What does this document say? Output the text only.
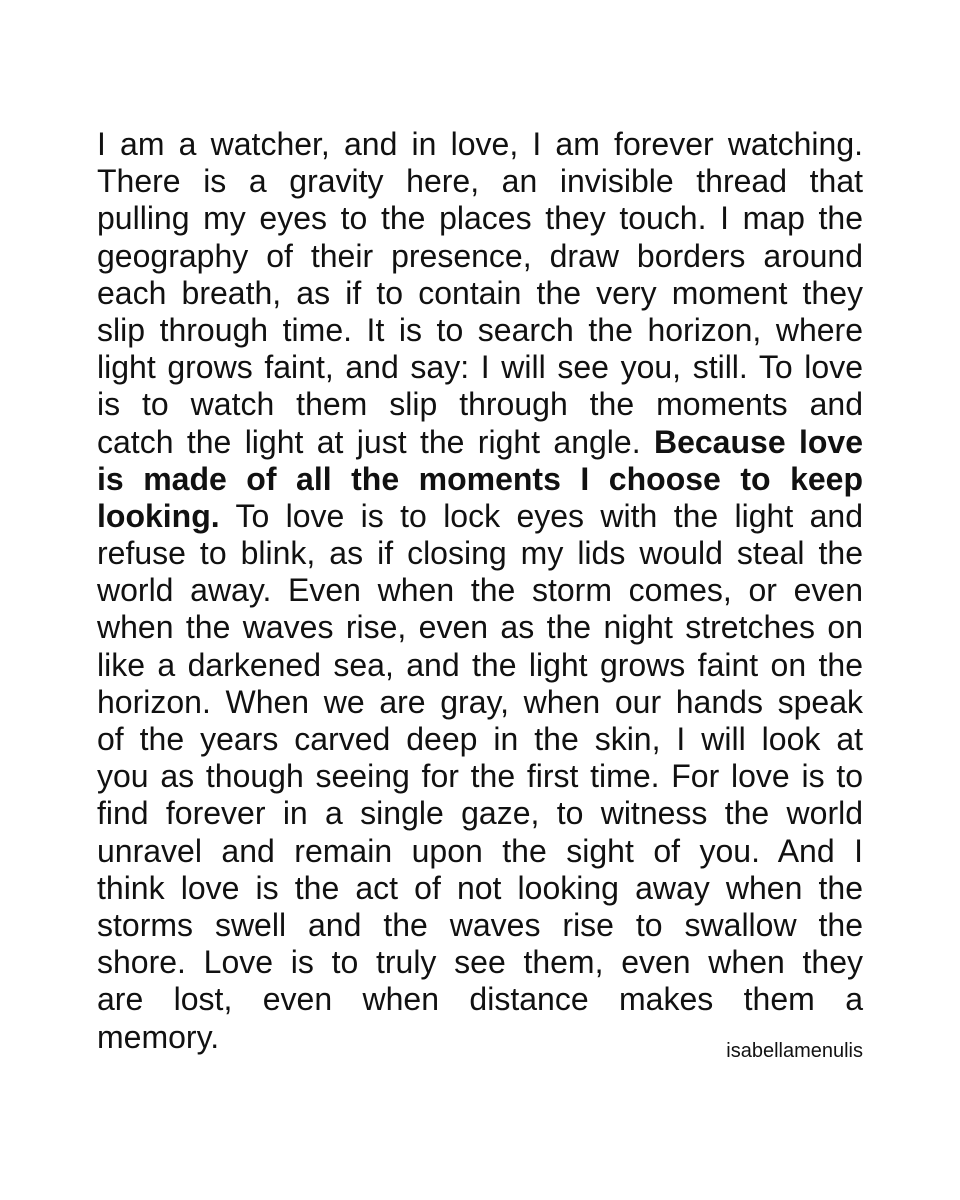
I am a watcher, and in love, I am forever watching.
There is a gravity here, an invisible thread that
pulling my eyes to the places they touch. I map the
geography of their presence, draw borders around
each breath, as if to contain the very moment they
slip through time. It is to search the horizon, where
light grows faint, and say: I will see you, still. To love
is to watch them slip through the moments and
catch the light at just the right angle. Because love
is made of all the moments I choose to keep
looking. To love is to lock eyes with the light and
refuse to blink, as if closing my lids would steal the
world away. Even when the storm comes, or even
when the waves rise, even as the night stretches on
like a darkened sea, and the light grows faint on the
horizon. When we are gray, when our hands speak
of the years carved deep in the skin, I will look at
you as though seeing for the first time. For love is to
find forever in a single gaze, to witness the world
unravel and remain upon the sight of you. And I
think love is the act of not looking away when the
storms swell and the waves rise to swallow the
shore. Love is to truly see them, even when they
are lost, even when distance makes them a
memory.	isabellamenulis
